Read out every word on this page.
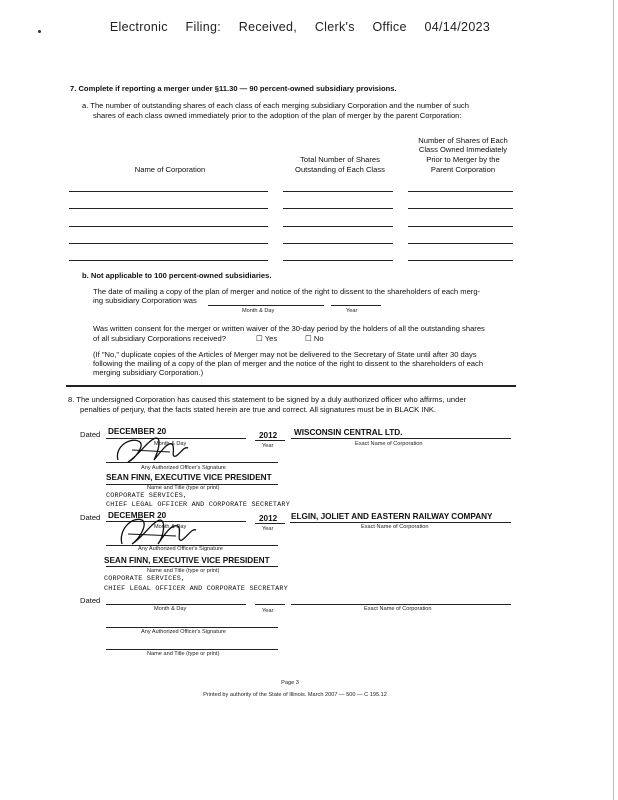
Electronic Filing: Received, Clerk's Office 04/14/2023
7. Complete if reporting a merger under §11.30 — 90 percent-owned subsidiary provisions.
a. The number of outstanding shares of each class of each merging subsidiary Corporation and the number of such
shares of each class owned immediately prior to the adoption of the plan of merger by the parent Corporation:
Number of Shares of Each
Class Owned Immediately
Prior to Merger by the
Parent Corporation
Total Number of Shares
Outstanding of Each Class
Name of Corporation
b. Not applicable to 100 percent-owned subsidiaries.
The date of mailing a copy of the plan of merger and notice of the right to dissent to the shareholders of each merg-
ing subsidiary Corporation was
Month & Day	Year
Was written consent for the merger or written waiver of the 30-day period by the holders of all the outstanding shares
of all subsidiary Corporations received?	☐ Yes	☐ No
(If "No," duplicate copies of the Articles of Merger may not be delivered to the Secretary of State until after 30 days
following the mailing of a copy of the plan of merger and the notice of the right to dissent to the shareholders of each
merging subsidiary Corporation.)
8. The undersigned Corporation has caused this statement to be signed by a duly authorized officer who affirms, under
penalties of perjury, that the facts stated herein are true and correct. All signatures must be in BLACK INK.
Dated DECEMBER 20	2012 WISCONSIN CENTRAL LTD.
Month & Day	Year	Exact Name of Corporation
Any Authorized Officer's Signature
SEAN FINN, EXECUTIVE VICE PRESIDENT
Name and Title (type or print)
CORPORATE SERVICES,
CHIEF LEGAL OFFICER AND CORPORATE SECRETARY
Dated DECEMBER 20	2012 ELGIN, JOLIET AND EASTERN RAILWAY COMPANY
Month & Day	Year	Exact Name of Corporation
Any Authorized Officer's Signature
SEAN FINN, EXECUTIVE VICE PRESIDENT
Name and Title (type or print)
CORPORATE SERVICES,
CHIEF LEGAL OFFICER AND CORPORATE SECRETARY
Dated
Month & Day	Year	Exact Name of Corporation
Any Authorized Officer's Signature
Name and Title (type or print)
Page 3
Printed by authority of the State of Illinois. March 2007 — 500 — C 195.12
